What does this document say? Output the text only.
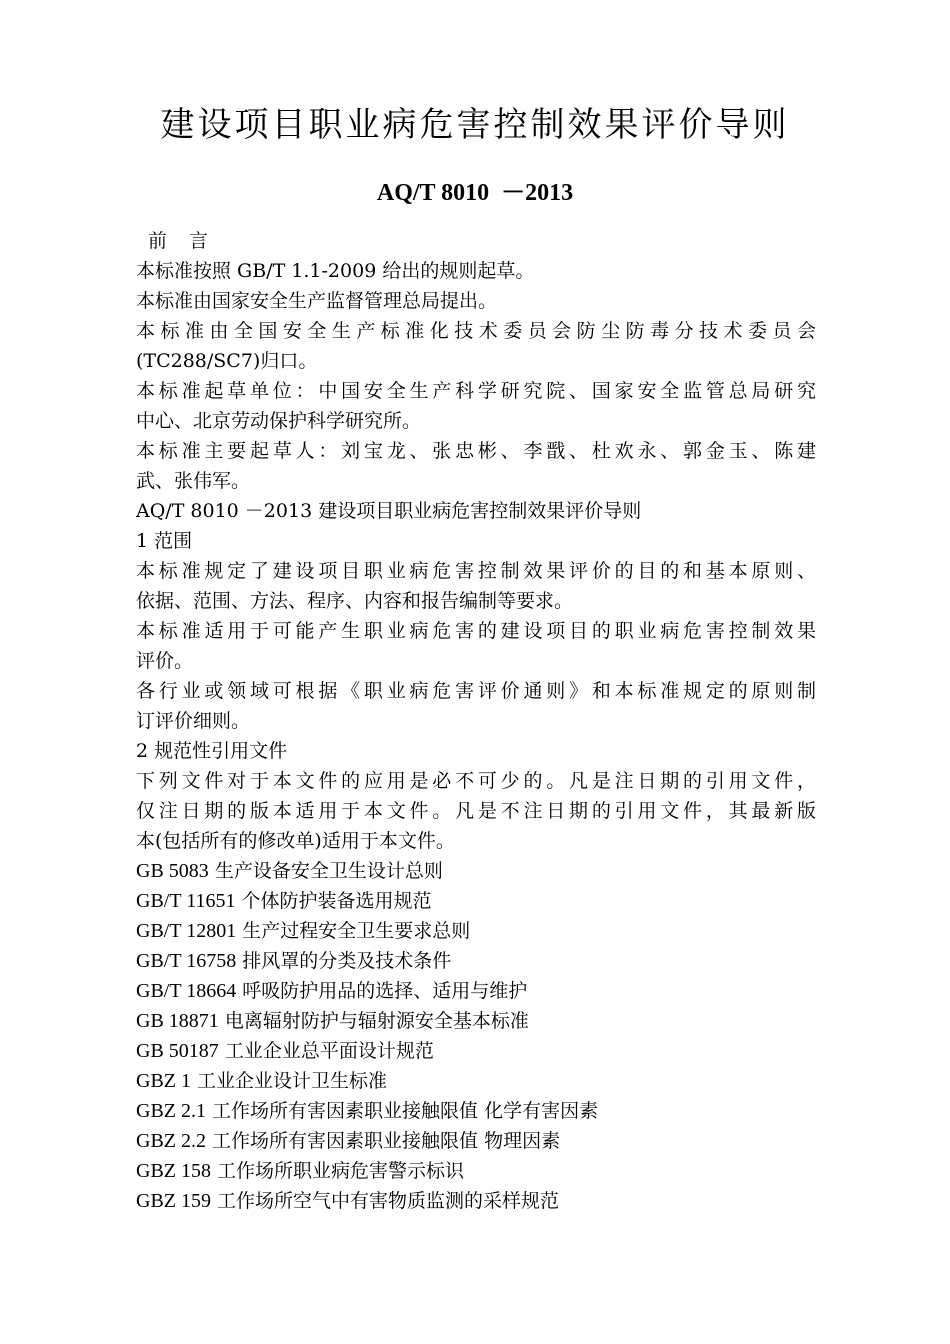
建设项目职业病危害控制效果评价导则
AQ/T 8010  －2013
前 言
本标准按照 GB/T 1.1-2009 给出的规则起草。
本标准由国家安全生产监督管理总局提出。
本标准由全国安全生产标准化技术委员会防尘防毒分技术委员会
(TC288/SC7)归口。
本标准起草单位：中国安全生产科学研究院、国家安全监管总局研究
中心、北京劳动保护科学研究所。
本标准主要起草人：刘宝龙、张忠彬、李戬、杜欢永、郭金玉、陈建
武、张伟军。
AQ/T 8010 －2013 建设项目职业病危害控制效果评价导则
1 范围
本标准规定了建设项目职业病危害控制效果评价的目的和基本原则、
依据、范围、方法、程序、内容和报告编制等要求。
本标准适用于可能产生职业病危害的建设项目的职业病危害控制效果
评价。
各行业或领域可根据《职业病危害评价通则》和本标准规定的原则制
订评价细则。
2 规范性引用文件
下列文件对于本文件的应用是必不可少的。凡是注日期的引用文件，
仅注日期的版本适用于本文件。凡是不注日期的引用文件，其最新版
本(包括所有的修改单)适用于本文件。
GB 5083 生产设备安全卫生设计总则
GB/T 11651 个体防护装备选用规范
GB/T 12801 生产过程安全卫生要求总则
GB/T 16758 排风罩的分类及技术条件
GB/T 18664 呼吸防护用品的选择、适用与维护
GB 18871 电离辐射防护与辐射源安全基本标准
GB 50187 工业企业总平面设计规范
GBZ 1 工业企业设计卫生标准
GBZ 2.1 工作场所有害因素职业接触限值 化学有害因素
GBZ 2.2 工作场所有害因素职业接触限值 物理因素
GBZ 158 工作场所职业病危害警示标识
GBZ 159 工作场所空气中有害物质监测的采样规范
